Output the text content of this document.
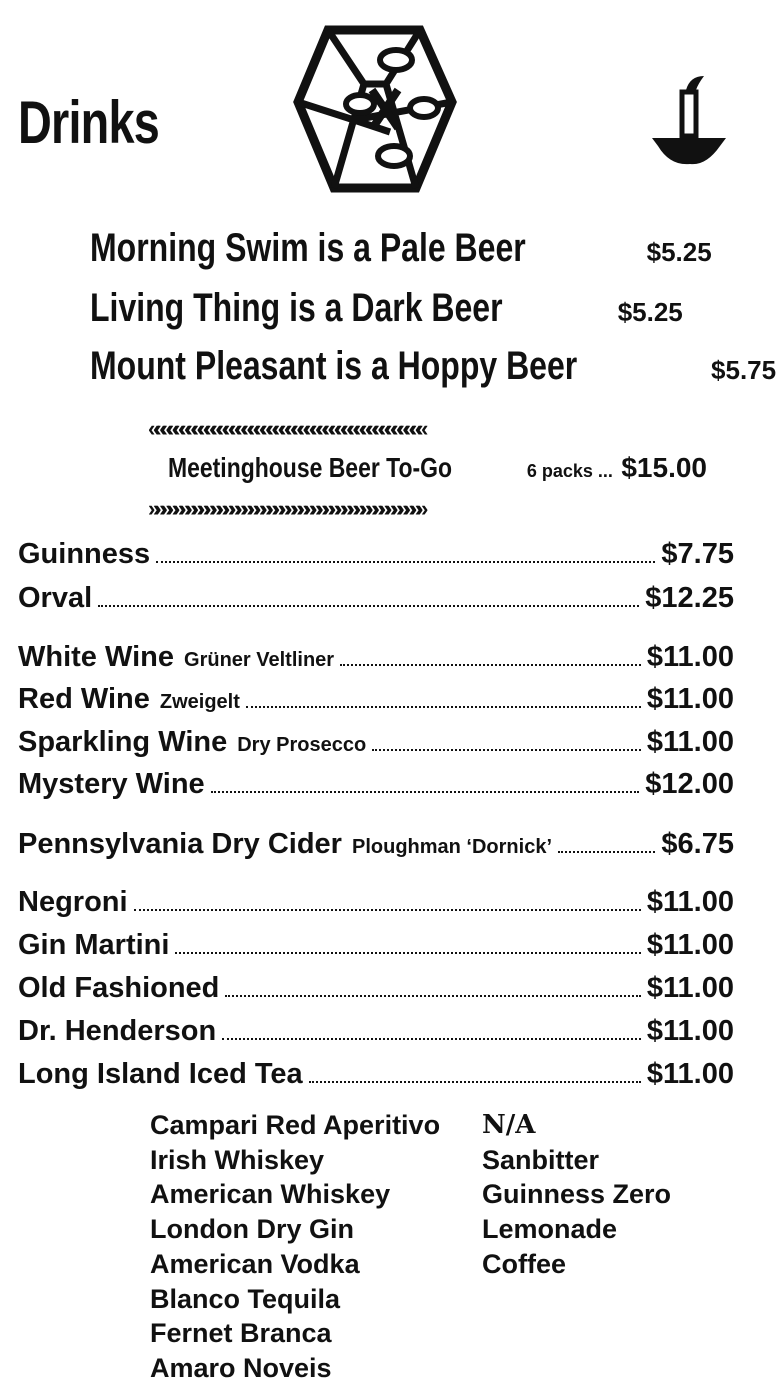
Drinks
Morning Swim is a Pale Beer	$5.25
Living Thing is a Dark Beer	$5.25
Mount Pleasant is a Hoppy Beer	$5.75
««««««««««««««««««««««««««««««««««««««««««««
Meetinghouse Beer To-Go	6 packs ... $15.00
»»»»»»»»»»»»»»»»»»»»»»»»»»»»»»»»»»»»»»»»»»»»
Guinness	$7.75
Orval	$12.25
White Wine Grüner Veltliner	$11.00
Red Wine Zweigelt	$11.00
Sparkling Wine Dry Prosecco	$11.00
Mystery Wine	$12.00
Pennsylvania Dry Cider Ploughman ‘Dornick’	$6.75
Negroni	$11.00
Gin Martini	$11.00
Old Fashioned	$11.00
Dr. Henderson	$11.00
Long Island Iced Tea	$11.00
Campari Red Aperitivo
Irish Whiskey
American Whiskey
London Dry Gin
American Vodka
Blanco Tequila
Fernet Branca
Amaro Noveis
N/A
Sanbitter
Guinness Zero
Lemonade
Coffee
